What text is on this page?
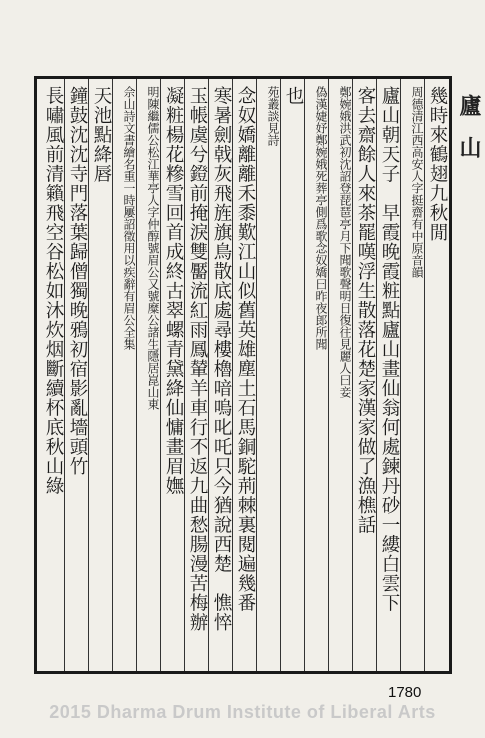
廬山
幾時來鶴翅九秋閒
周德清江西高安人字挺齋有中原音韻
廬山朝天子　早霞晚霞粧點廬山畫仙翁何處鍊丹砂一縷白雲下
客去齋餘人來茶罷嘆浮生散落花楚家漢家做了漁樵話
鄭婉娥洪武初沈詔登琵琶亭月下聞歌聲明日復往見麗人曰妾
偽漢婕妤鄭婉娥死葬亭側爲歌念奴嬌曰昨夜郎所聞
也
苑叢談見詩
念奴嬌離離禾黍歎江山似舊英雄塵土石馬銅駝荊棘裏閱遍幾番
寒暑劍戟灰飛旌旗鳥散底處尋樓櫓喑嗚叱吒只今猶說西楚　憔悴
玉帳虞兮鐙前掩淚雙靨流紅雨鳳輦羊車行不返九曲愁腸漫苦梅辦
凝粧楊花糝雪回首成終古翠螺青黛絳仙慵畫眉嫵
明陳繼儒公松江華亭人字仲醇號眉公又號糜公諸生隱居崑山東
佘山詩文書繪名重一時屢詔徵用以疾辭有眉公全集
天池點絳唇
鐘鼓沈沈寺門落葉歸僧獨晚鴉初宿影亂墻頭竹
長嘯風前清籟飛空谷松如沐炊烟斷續杯底秋山綠
1780
2015 Dharma Drum Institute of Liberal Arts
